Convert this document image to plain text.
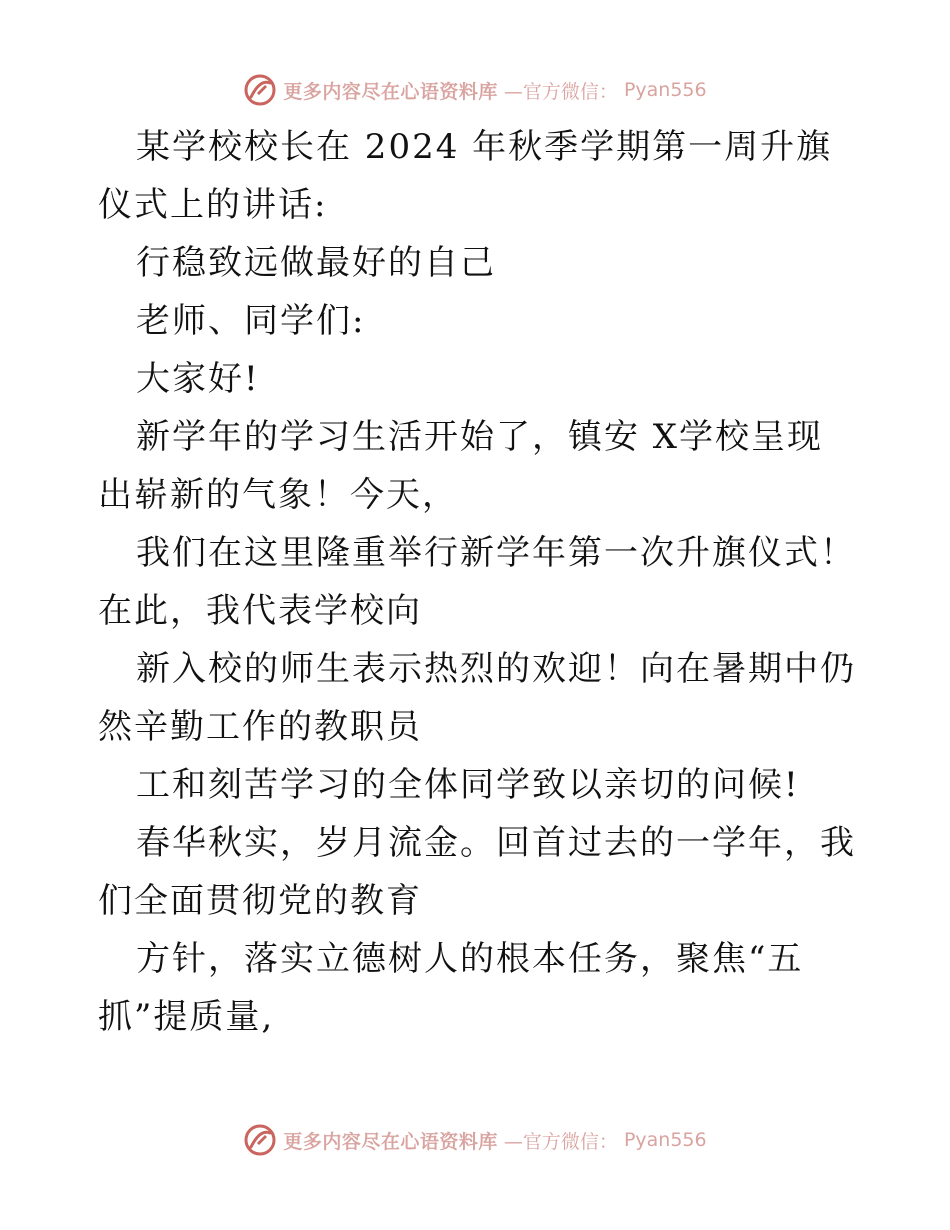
更多内容尽在心语资料库 —官方微信： Pyan556

某学校校长在 2024 年秋季学期第一周升旗仪式上的讲话:

行稳致远做最好的自己

老师、同学们:

大家好!

新学年的学习生活开始了，镇安 X学校呈现出崭新的气象！今天，

我们在这里隆重举行新学年第一次升旗仪式！在此，我代表学校向

新入校的师生表示热烈的欢迎！向在暑期中仍然辛勤工作的教职员

工和刻苦学习的全体同学致以亲切的问候!

春华秋实，岁月流金。回首过去的一学年，我们全面贯彻党的教育

方针，落实立德树人的根本任务，聚焦“五抓”提质量,

更多内容尽在心语资料库 —官方微信： Pyan556
